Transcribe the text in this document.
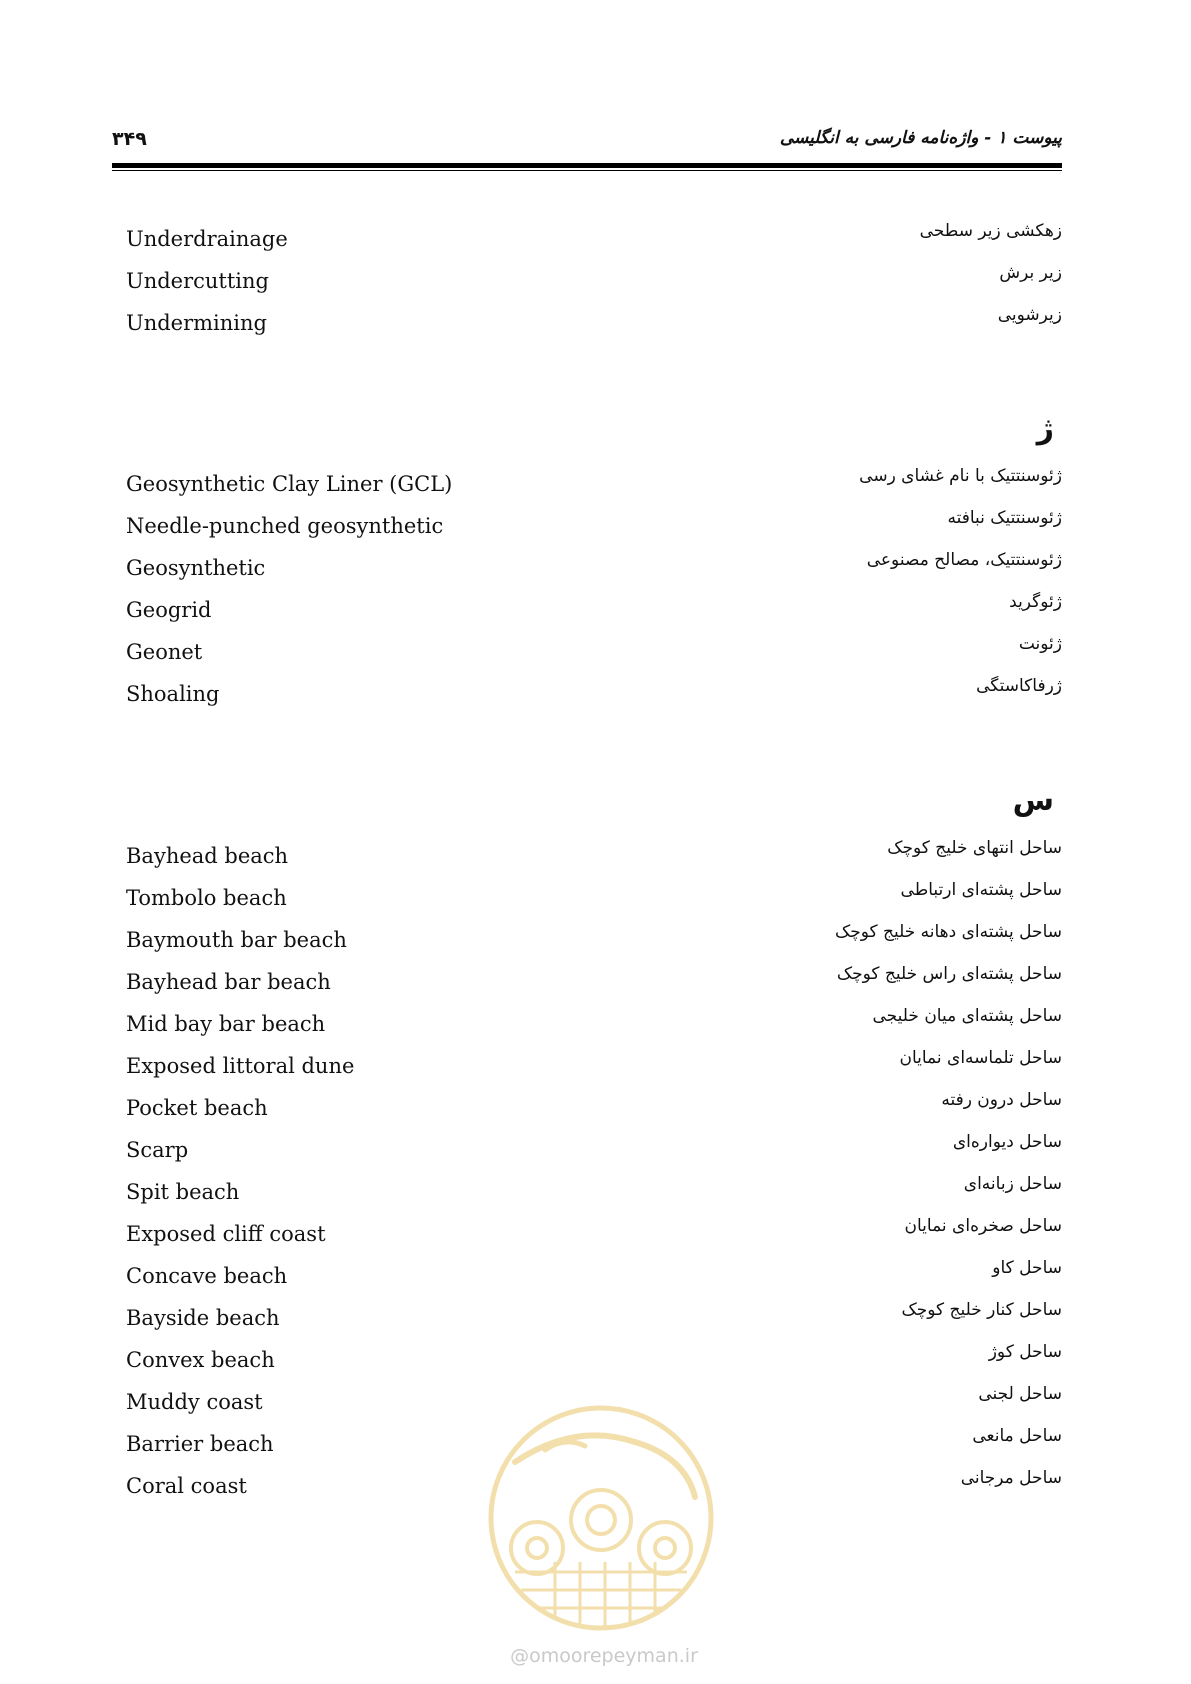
۳۴۹	پیوست ۱ - واژه‌نامه فارسی به انگلیسی
زهکشی زیر سطحی
Underdrainage
زیر برش
Undercutting
زیرشویی
Undermining
ژ
ژئوسنتتیک با نام غشای رسی
Geosynthetic Clay Liner (GCL)
ژئوسنتتیک نبافته
Needle-punched geosynthetic
ژئوسنتتیک، مصالح مصنوعی
Geosynthetic
ژئوگرید
Geogrid
ژئونت
Geonet
ژرفاکاستگی
Shoaling
س
ساحل انتهای خلیج کوچک
Bayhead beach
ساحل پشته‌ای ارتباطی
Tombolo beach
ساحل پشته‌ای دهانه خلیج کوچک
Baymouth bar beach
ساحل پشته‌ای راس خلیج کوچک
Bayhead bar beach
ساحل پشته‌ای میان خلیجی
Mid bay bar beach
ساحل تلماسه‌ای نمایان
Exposed littoral dune
ساحل درون رفته
Pocket beach
ساحل دیواره‌ای
Scarp
ساحل زبانه‌ای
Spit beach
ساحل صخره‌ای نمایان
Exposed cliff coast
ساحل کاو
Concave beach
ساحل کنار خلیج کوچک
Bayside beach
ساحل کوژ
Convex beach
ساحل لجنی
Muddy coast
ساحل مانعی
Barrier beach
ساحل مرجانی
Coral coast
@omoorepeyman.ir
